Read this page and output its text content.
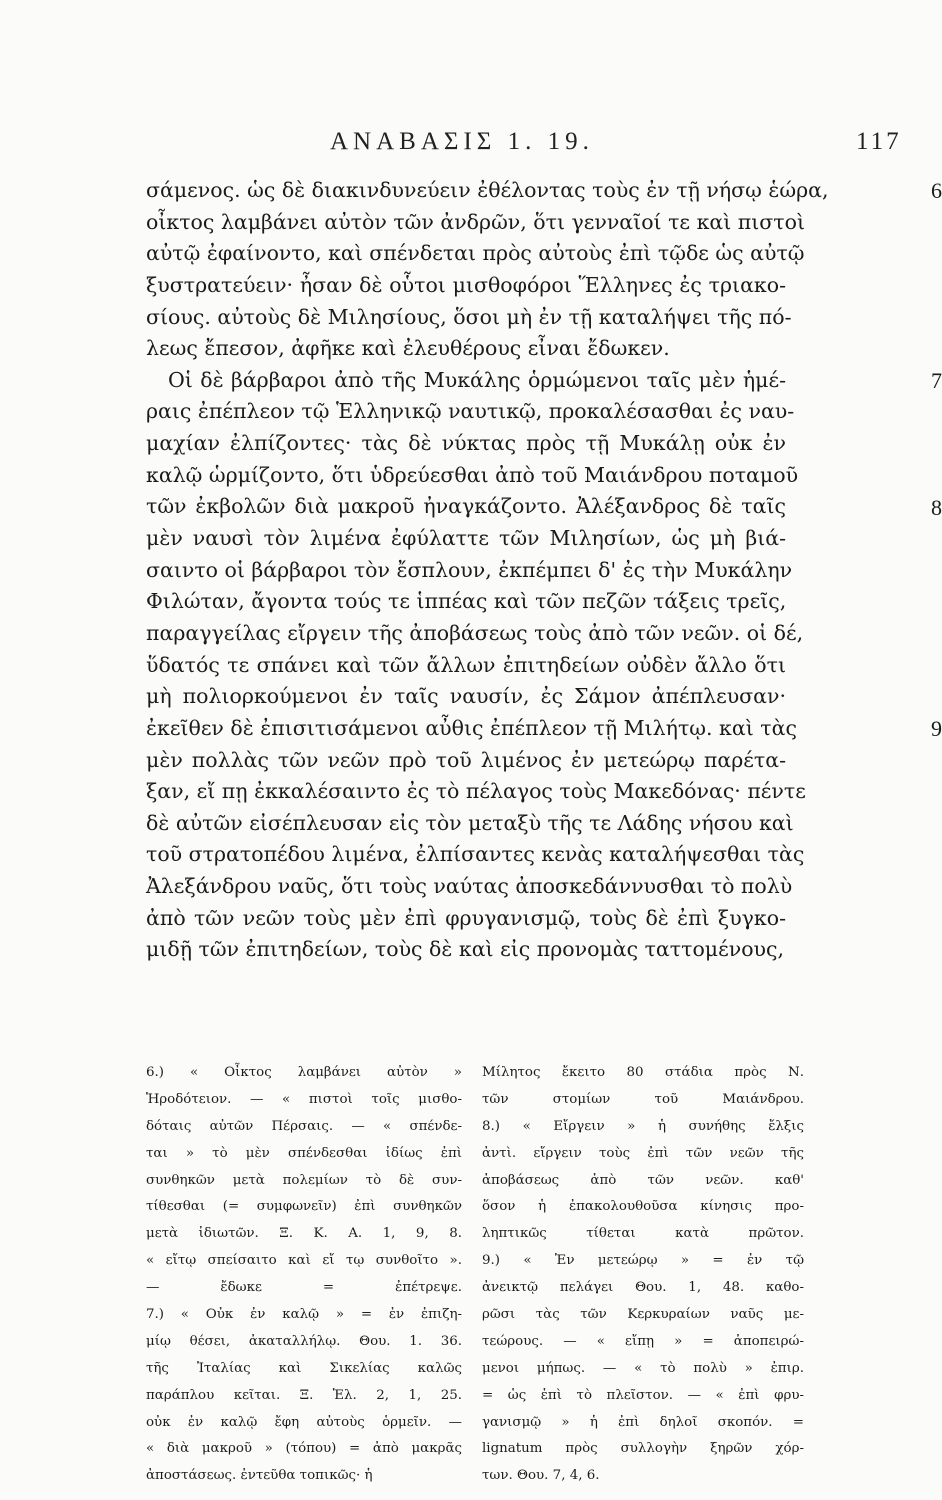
ΑΝΑΒΑΣΙΣ 1. 19.	117
σάμενος. ὡς δὲ διακινδυνεύειν ἐθέλοντας τοὺς ἐν τῇ νήσῳ ἑώρα,
οἶκτος λαμβάνει αὐτὸν τῶν ἀνδρῶν, ὅτι γενναῖοί τε καὶ πιστοὶ
αὐτῷ ἐφαίνοντο, καὶ σπένδεται πρὸς αὐτοὺς ἐπὶ τῷδε ὡς αὐτῷ
ξυστρατεύειν· ἦσαν δὲ οὗτοι μισθοφόροι Ἕλληνες ἐς τριακο-
σίους. αὐτοὺς δὲ Μιλησίους, ὅσοι μὴ ἐν τῇ καταλήψει τῆς πό-
λεως ἔπεσον, ἀφῆκε καὶ ἐλευθέρους εἶναι ἔδωκεν.
Οἱ δὲ βάρβαροι ἀπὸ τῆς Μυκάλης ὁρμώμενοι ταῖς μὲν ἡμέ-
ραις ἐπέπλεον τῷ Ἑλληνικῷ ναυτικῷ, προκαλέσασθαι ἐς ναυ-
μαχίαν ἐλπίζοντες· τὰς δὲ νύκτας πρὸς τῇ Μυκάλῃ οὐκ ἐν
καλῷ ὡρμίζοντο, ὅτι ὑδρεύεσθαι ἀπὸ τοῦ Μαιάνδρου ποταμοῦ
τῶν ἐκβολῶν διὰ μακροῦ ἠναγκάζοντο. Ἀλέξανδρος δὲ ταῖς
μὲν ναυσὶ τὸν λιμένα ἐφύλαττε τῶν Μιλησίων, ὡς μὴ βιά-
σαιντο οἱ βάρβαροι τὸν ἔσπλουν, ἐκπέμπει δ' ἐς τὴν Μυκάλην
Φιλώταν, ἄγοντα τούς τε ἱππέας καὶ τῶν πεζῶν τάξεις τρεῖς,
παραγγείλας εἴργειν τῆς ἀποβάσεως τοὺς ἀπὸ τῶν νεῶν. οἱ δέ,
ὕδατός τε σπάνει καὶ τῶν ἄλλων ἐπιτηδείων οὐδὲν ἄλλο ὅτι
μὴ πολιορκούμενοι ἐν ταῖς ναυσίν, ἐς Σάμον ἀπέπλευσαν·
ἐκεῖθεν δὲ ἐπισιτισάμενοι αὖθις ἐπέπλεον τῇ Μιλήτῳ. καὶ τὰς
μὲν πολλὰς τῶν νεῶν πρὸ τοῦ λιμένος ἐν μετεώρῳ παρέτα-
ξαν, εἴ πῃ ἐκκαλέσαιντο ἐς τὸ πέλαγος τοὺς Μακεδόνας· πέντε
δὲ αὐτῶν εἰσέπλευσαν εἰς τὸν μεταξὺ τῆς τε Λάδης νήσου καὶ
τοῦ στρατοπέδου λιμένα, ἐλπίσαντες κενὰς καταλήψεσθαι τὰς
Ἀλεξάνδρου ναῦς, ὅτι τοὺς ναύτας ἀποσκεδάννυσθαι τὸ πολὺ
ἀπὸ τῶν νεῶν τοὺς μὲν ἐπὶ φρυγανισμῷ, τοὺς δὲ ἐπὶ ξυγκο-
μιδῇ τῶν ἐπιτηδείων, τοὺς δὲ καὶ εἰς προνομὰς ταττομένους,
6
7
8
9
6.) « Οἶκτος λαμβάνει αὐτὸν »
Ἡροδότειον. — « πιστοὶ τοῖς μισθο-
δόταις αὐτῶν Πέρσαις. — « σπένδε-
ται » τὸ μὲν σπένδεσθαι ἰδίως ἐπὶ
συνθηκῶν μετὰ πολεμίων τὸ δὲ συν-
τίθεσθαι (= συμφωνεῖν) ἐπὶ συνθηκῶν
μετὰ ἰδιωτῶν. Ξ. Κ. Α. 1, 9, 8.
« εἴτῳ σπείσαιτο καὶ εἴ τῳ συνθοῖτο ».
— ἔδωκε = ἐπέτρεψε.
7.) « Οὐκ ἐν καλῷ » = ἐν ἐπιζη-
μίῳ θέσει, ἀκαταλλήλῳ. Θου. 1. 36.
τῆς Ἰταλίας καὶ Σικελίας καλῶς
παράπλου κεῖται. Ξ. Ἑλ. 2, 1, 25.
οὐκ ἐν καλῷ ἔφη αὐτοὺς ὁρμεῖν. —
« διὰ μακροῦ » (τόπου) = ἀπὸ μακρᾶς
ἀποστάσεως. ἐντεῦθα τοπικῶς· ἡ
Μίλητος ἔκειτο 80 στάδια πρὸς Ν.
τῶν στομίων τοῦ Μαιάνδρου.
8.) « Εἴργειν » ἡ συνήθης ἔλξις
ἀντὶ. εἴργειν τοὺς ἐπὶ τῶν νεῶν τῆς
ἀποβάσεως ἀπὸ τῶν νεῶν. καθ'
ὅσον ἡ ἐπακολουθοῦσα κίνησις προ-
ληπτικῶς τίθεται κατὰ πρῶτον.
9.) « Ἐν μετεώρῳ » = ἐν τῷ
ἀνεικτῷ πελάγει Θου. 1, 48. καθο-
ρῶσι τὰς τῶν Κερκυραίων ναῦς με-
τεώρους. — « εἴπῃ » = ἀποπειρώ-
μενοι μήπως. — « τὸ πολὺ » ἐπιρ.
= ὡς ἐπὶ τὸ πλεῖστον. — « ἐπὶ φρυ-
γανισμῷ » ἡ ἐπὶ δηλοῖ σκοπόν. =
lignatum πρὸς συλλογὴν ξηρῶν χόρ-
των. Θου. 7, 4, 6.
